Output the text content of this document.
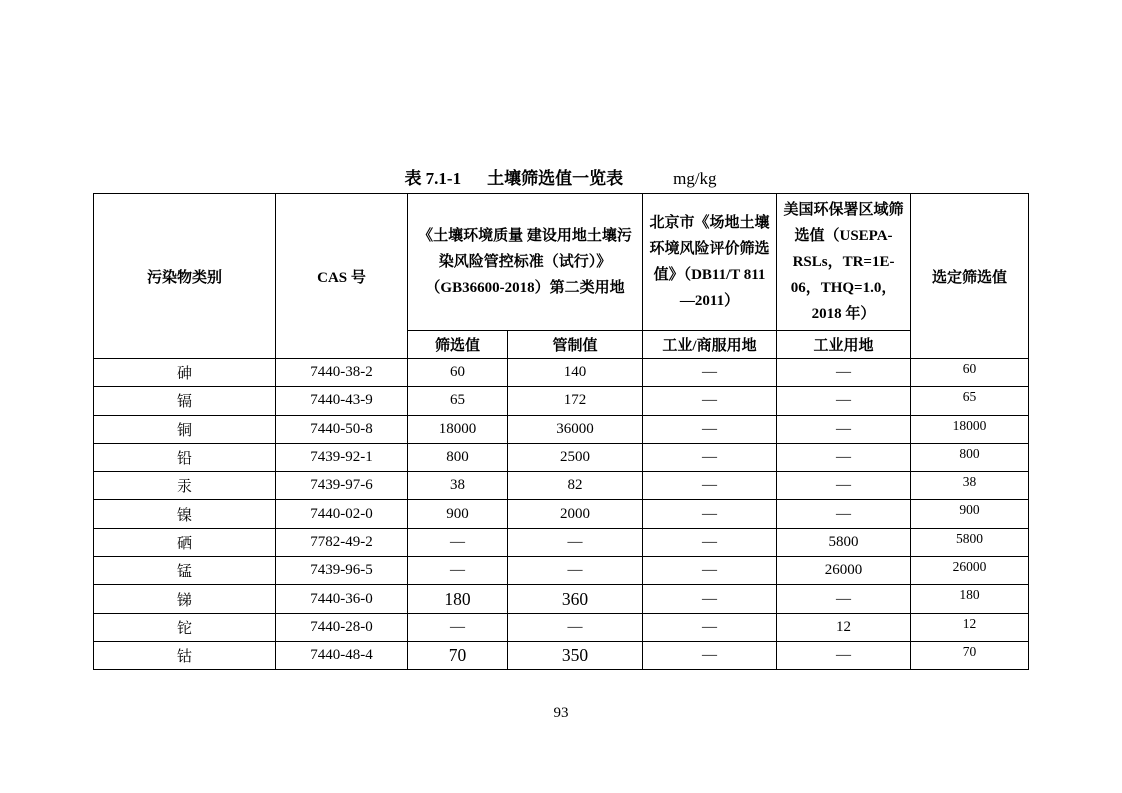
表 7.1-1 土壤筛选值一览表	mg/kg
污染物类别	CAS 号	《土壤环境质量 建设用地土壤污染风险管控标准（试行）》（GB36600-2018）第二类用地		北京市《场地土壤环境风险评价筛选值》（DB11/T 811—2011）	美国环保署区域筛选值（USEPA-RSLs，TR=1E-06，THQ=1.0，2018 年）	选定筛选值
		筛选值	管制值	工业/商服用地	工业用地	
砷	7440-38-2	60	140	—	—	60
镉	7440-43-9	65	172	—	—	65
铜	7440-50-8	18000	36000	—	—	18000
铅	7439-92-1	800	2500	—	—	800
汞	7439-97-6	38	82	—	—	38
镍	7440-02-0	900	2000	—	—	900
硒	7782-49-2	—	—	—	5800	5800
锰	7439-96-5	—	—	—	26000	26000
锑	7440-36-0	180	360	—	—	180
铊	7440-28-0	—	—	—	12	12
钴	7440-48-4	70	350	—	—	70
93
